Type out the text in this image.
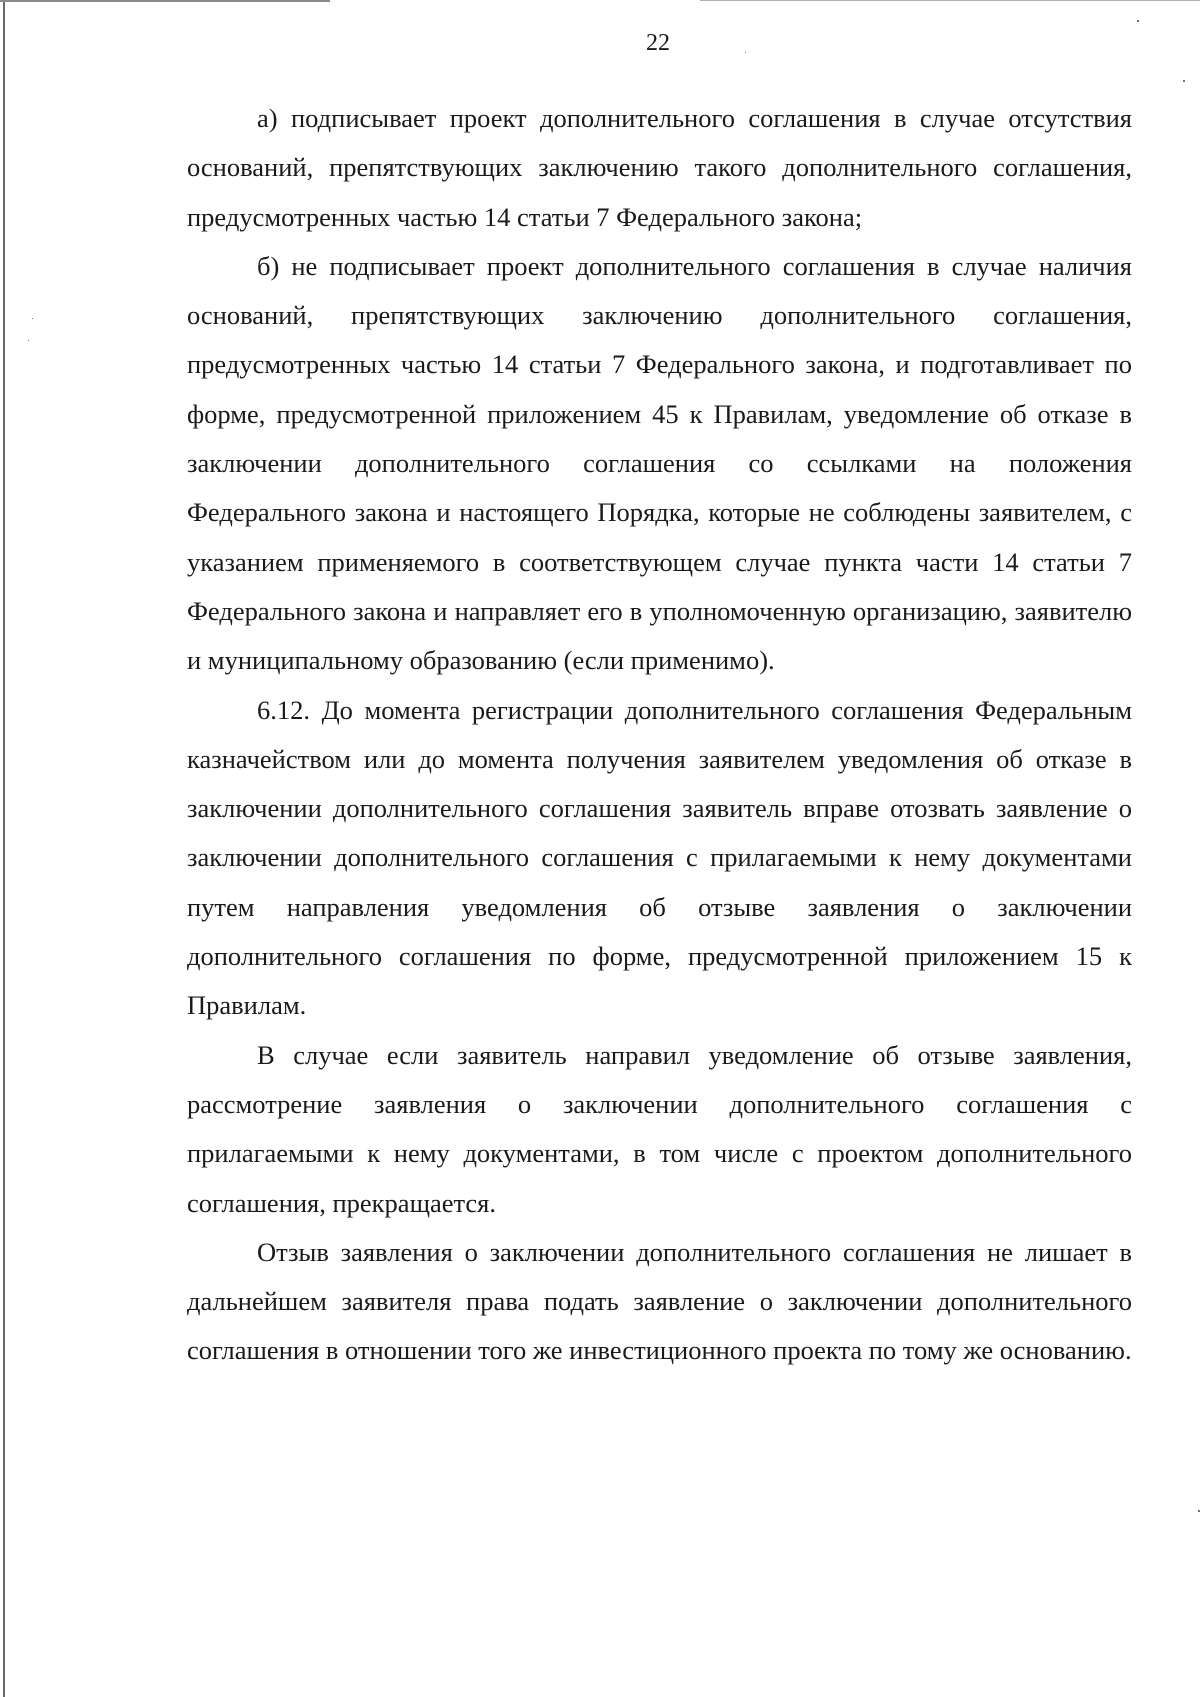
22

а) подписывает проект дополнительного соглашения в случае отсутствия оснований, препятствующих заключению такого дополнительного соглашения, предусмотренных частью 14 статьи 7 Федерального закона;

б) не подписывает проект дополнительного соглашения в случае наличия оснований, препятствующих заключению дополнительного соглашения, предусмотренных частью 14 статьи 7 Федерального закона, и подготавливает по форме, предусмотренной приложением 45 к Правилам, уведомление об отказе в заключении дополнительного соглашения со ссылками на положения Федерального закона и настоящего Порядка, которые не соблюдены заявителем, с указанием применяемого в соответствующем случае пункта части 14 статьи 7 Федерального закона и направляет его в уполномоченную организацию, заявителю и муниципальному образованию (если применимо).

6.12. До момента регистрации дополнительного соглашения Федеральным казначейством или до момента получения заявителем уведомления об отказе в заключении дополнительного соглашения заявитель вправе отозвать заявление о заключении дополнительного соглашения с прилагаемыми к нему документами путем направления уведомления об отзыве заявления о заключении дополнительного соглашения по форме, предусмотренной приложением 15 к Правилам.

В случае если заявитель направил уведомление об отзыве заявления, рассмотрение заявления о заключении дополнительного соглашения с прилагаемыми к нему документами, в том числе с проектом дополнительного соглашения, прекращается.

Отзыв заявления о заключении дополнительного соглашения не лишает в дальнейшем заявителя права подать заявление о заключении дополнительного соглашения в отношении того же инвестиционного проекта по тому же основанию.
